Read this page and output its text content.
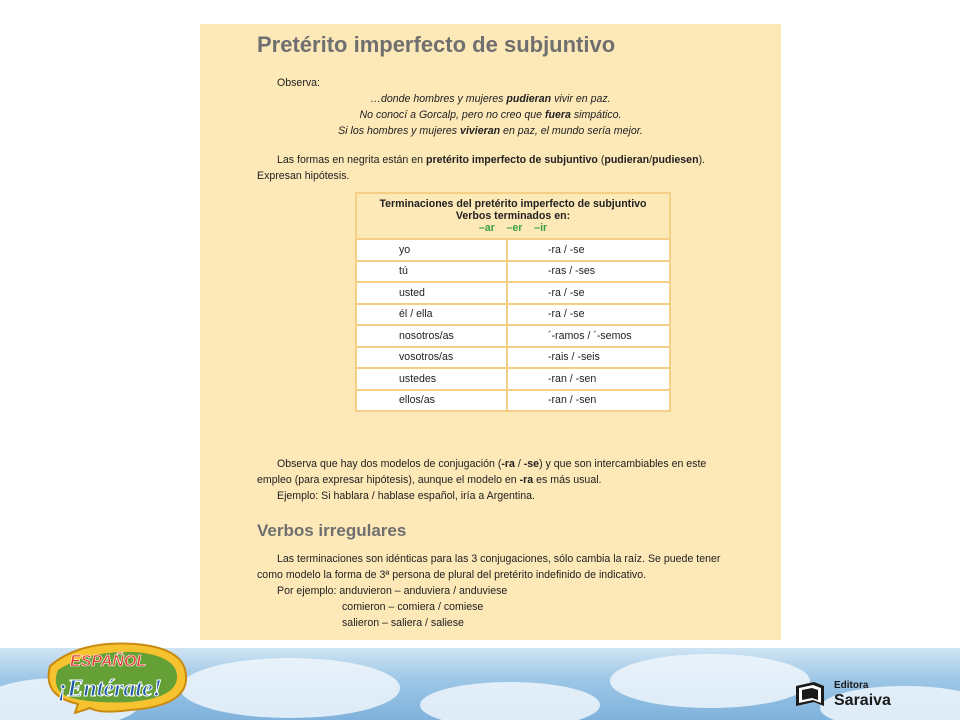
Pretérito imperfecto de subjuntivo
Observa:
…donde hombres y mujeres pudieran vivir en paz.
No conocí a Gorcalp, pero no creo que fuera simpático.
Si los hombres y mujeres vivieran en paz, el mundo sería mejor.
Las formas en negrita están en pretérito imperfecto de subjuntivo (pudieran/pudiesen).
Expresan hipótesis.
Terminaciones del pretérito imperfecto de subjuntivo
Verbos terminados en:
–ar    –er    –ir	

yo	-ra / -se
tú	-ras / -ses
usted	-ra / -se
él / ella	-ra / -se
nosotros/as	´-ramos / ´-semos
vosotros/as	-rais / -seis
ustedes	-ran / -sen
ellos/as	-ran / -sen
Observa que hay dos modelos de conjugación (-ra / -se) y que son intercambiables en este
empleo (para expresar hipótesis), aunque el modelo en -ra es más usual.
Ejemplo: Si hablara / hablase español, iría a Argentina.
Verbos irregulares
Las terminaciones son idénticas para las 3 conjugaciones, sólo cambia la raíz. Se puede tener
como modelo la forma de 3ª persona de plural del pretérito indefinido de indicativo.
Por ejemplo: anduvieron – anduviera / anduviese
comieron – comiera / comiese
salieron – saliera / saliese
ESPAÑOL
¡Entérate!	Editora
Saraiva
